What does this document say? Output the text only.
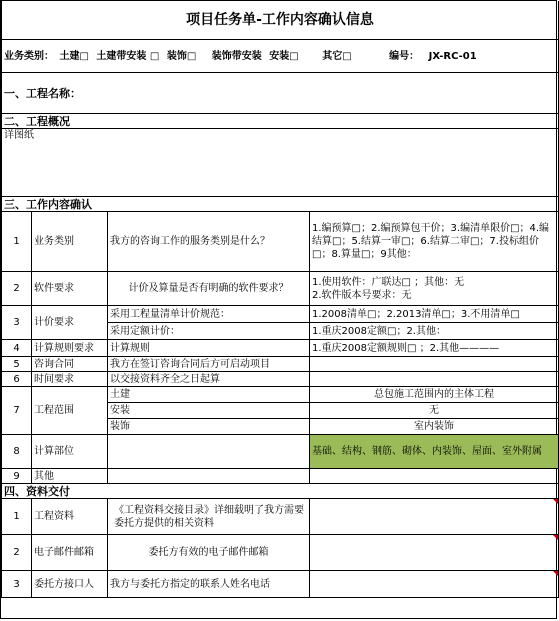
项目任务单-工作内容确认信息			
业务类别： 土建□ 土建带安装 □ 装饰□ 装饰带安装 安装□ 其它□ 编号： JX-RC-01			
一、工程名称：			
二、工程概况			
详图纸			
三、工作内容确认			
1	业务类别	我方的咨询工作的服务类别是什么？	1.编预算□；2.编预算包干价；3.编清单限价□；4.编结算□；5.结算一审□；6.结算二审□；7.投标组价□；8.算量□；9其他：
2	软件要求	计价及算量是否有明确的软件要求？	1.使用软件：广联达□ ；其他：无
2.软件版本号要求：无

3	计价要求	采用工程量清单计价规范：	1.2008清单□；2.2013清单□；3.不用清单□
		采用定额计价：	1.重庆2008定额□；2.其他：
4	计算规则要求	计算规则	1.重庆2008定额规则□ ；2.其他————
5	咨询合同	我方在签订咨询合同后方可启动项目	
6	时间要求	以交接资料齐全之日起算	
7	工程范围	土建	总包施工范围内的主体工程
		安装	无
		装饰	室内装饰
8	计算部位		基础、结构、钢筋、砌体、内装饰、屋面、室外附属
9	其他		
四、资料交付			
1	工程资料	《工程资料交接目录》详细载明了我方需要委托方提供的相关资料	
2	电子邮件邮箱	委托方有效的电子邮件邮箱	
3	委托方接口人	我方与委托方指定的联系人姓名电话	
